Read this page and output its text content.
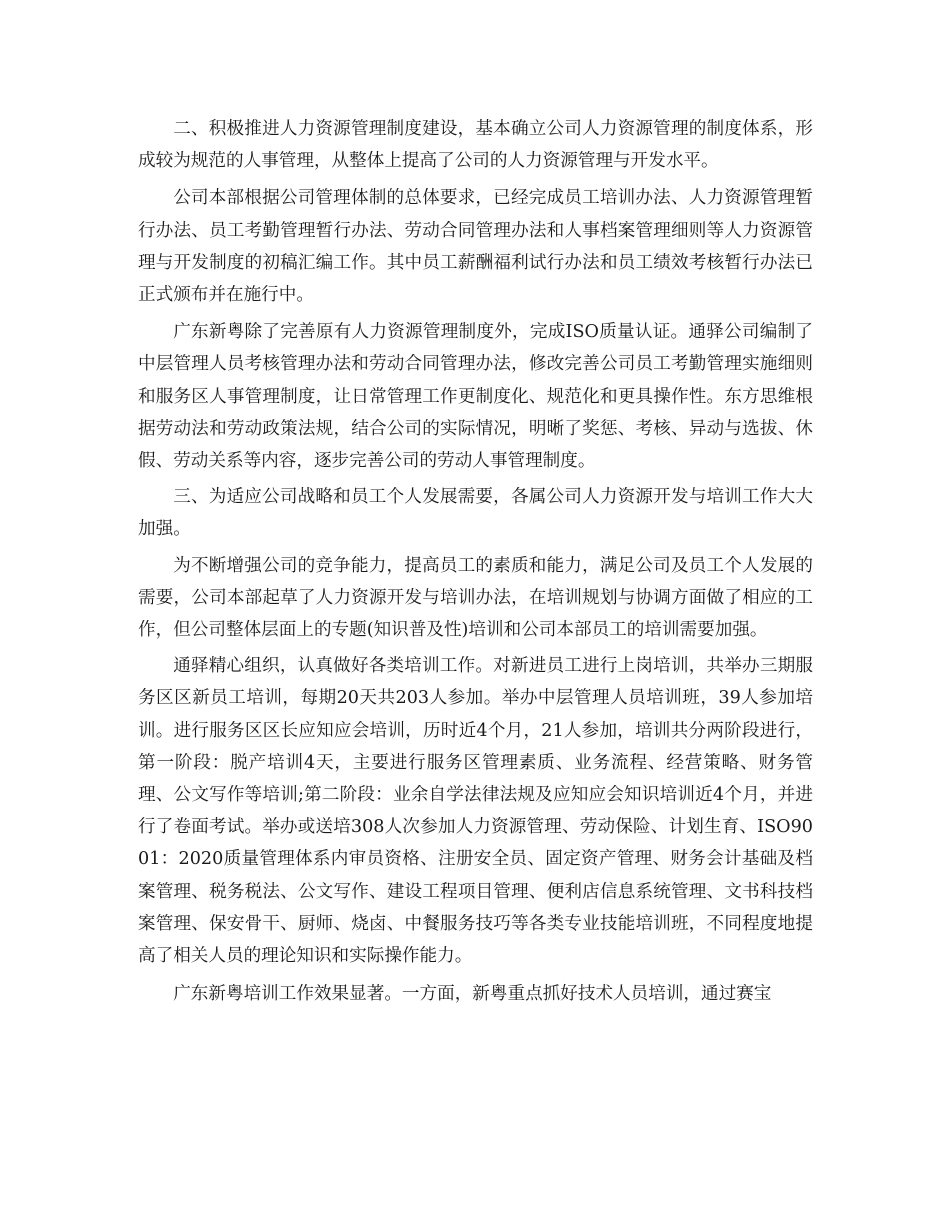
二、积极推进人力资源管理制度建设，基本确立公司人力资源管理的制度体系，形成较为规范的人事管理，从整体上提高了公司的人力资源管理与开发水平。

公司本部根据公司管理体制的总体要求，已经完成员工培训办法、人力资源管理暂行办法、员工考勤管理暂行办法、劳动合同管理办法和人事档案管理细则等人力资源管理与开发制度的初稿汇编工作。其中员工薪酬福利试行办法和员工绩效考核暂行办法已正式颁布并在施行中。

广东新粤除了完善原有人力资源管理制度外，完成ISO质量认证。通驿公司编制了中层管理人员考核管理办法和劳动合同管理办法，修改完善公司员工考勤管理实施细则和服务区人事管理制度，让日常管理工作更制度化、规范化和更具操作性。东方思维根据劳动法和劳动政策法规，结合公司的实际情况，明晰了奖惩、考核、异动与选拔、休假、劳动关系等内容，逐步完善公司的劳动人事管理制度。

三、为适应公司战略和员工个人发展需要，各属公司人力资源开发与培训工作大大加强。

为不断增强公司的竞争能力，提高员工的素质和能力，满足公司及员工个人发展的需要，公司本部起草了人力资源开发与培训办法，在培训规划与协调方面做了相应的工作，但公司整体层面上的专题(知识普及性)培训和公司本部员工的培训需要加强。

通驿精心组织，认真做好各类培训工作。对新进员工进行上岗培训，共举办三期服务区区新员工培训，每期20天共203人参加。举办中层管理人员培训班，39人参加培训。进行服务区区长应知应会培训，历时近4个月，21人参加，培训共分两阶段进行，第一阶段：脱产培训4天，主要进行服务区管理素质、业务流程、经营策略、财务管理、公文写作等培训;第二阶段：业余自学法律法规及应知应会知识培训近4个月，并进行了卷面考试。举办或送培308人次参加人力资源管理、劳动保险、计划生育、ISO9001：2020质量管理体系内审员资格、注册安全员、固定资产管理、财务会计基础及档案管理、税务税法、公文写作、建设工程项目管理、便利店信息系统管理、文书科技档案管理、保安骨干、厨师、烧卤、中餐服务技巧等各类专业技能培训班，不同程度地提高了相关人员的理论知识和实际操作能力。

广东新粤培训工作效果显著。一方面，新粤重点抓好技术人员培训，通过赛宝
